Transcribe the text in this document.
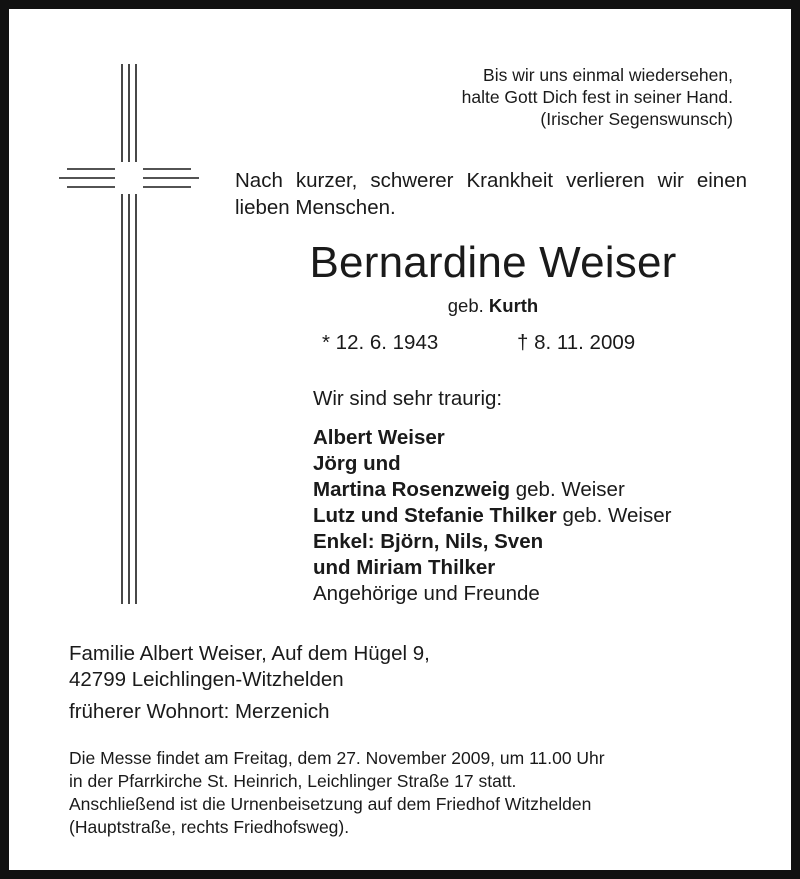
Bis wir uns einmal wiedersehen,
halte Gott Dich fest in seiner Hand.
(Irischer Segenswunsch)
Nach kurzer, schwerer Krankheit verlieren wir einen lieben Menschen.
Bernardine Weiser
geb. Kurth
* 12. 6. 1943	† 8. 11. 2009
Wir sind sehr traurig:
Albert Weiser
Jörg und
Martina Rosenzweig geb. Weiser
Lutz und Stefanie Thilker geb. Weiser
Enkel: Björn, Nils, Sven
und Miriam Thilker
Angehörige und Freunde
Familie Albert Weiser, Auf dem Hügel 9,
42799 Leichlingen-Witzhelden
früherer Wohnort: Merzenich
Die Messe findet am Freitag, dem 27. November 2009, um 11.00 Uhr
in der Pfarrkirche St. Heinrich, Leichlinger Straße 17 statt.
Anschließend ist die Urnenbeisetzung auf dem Friedhof Witzhelden
(Hauptstraße, rechts Friedhofsweg).
